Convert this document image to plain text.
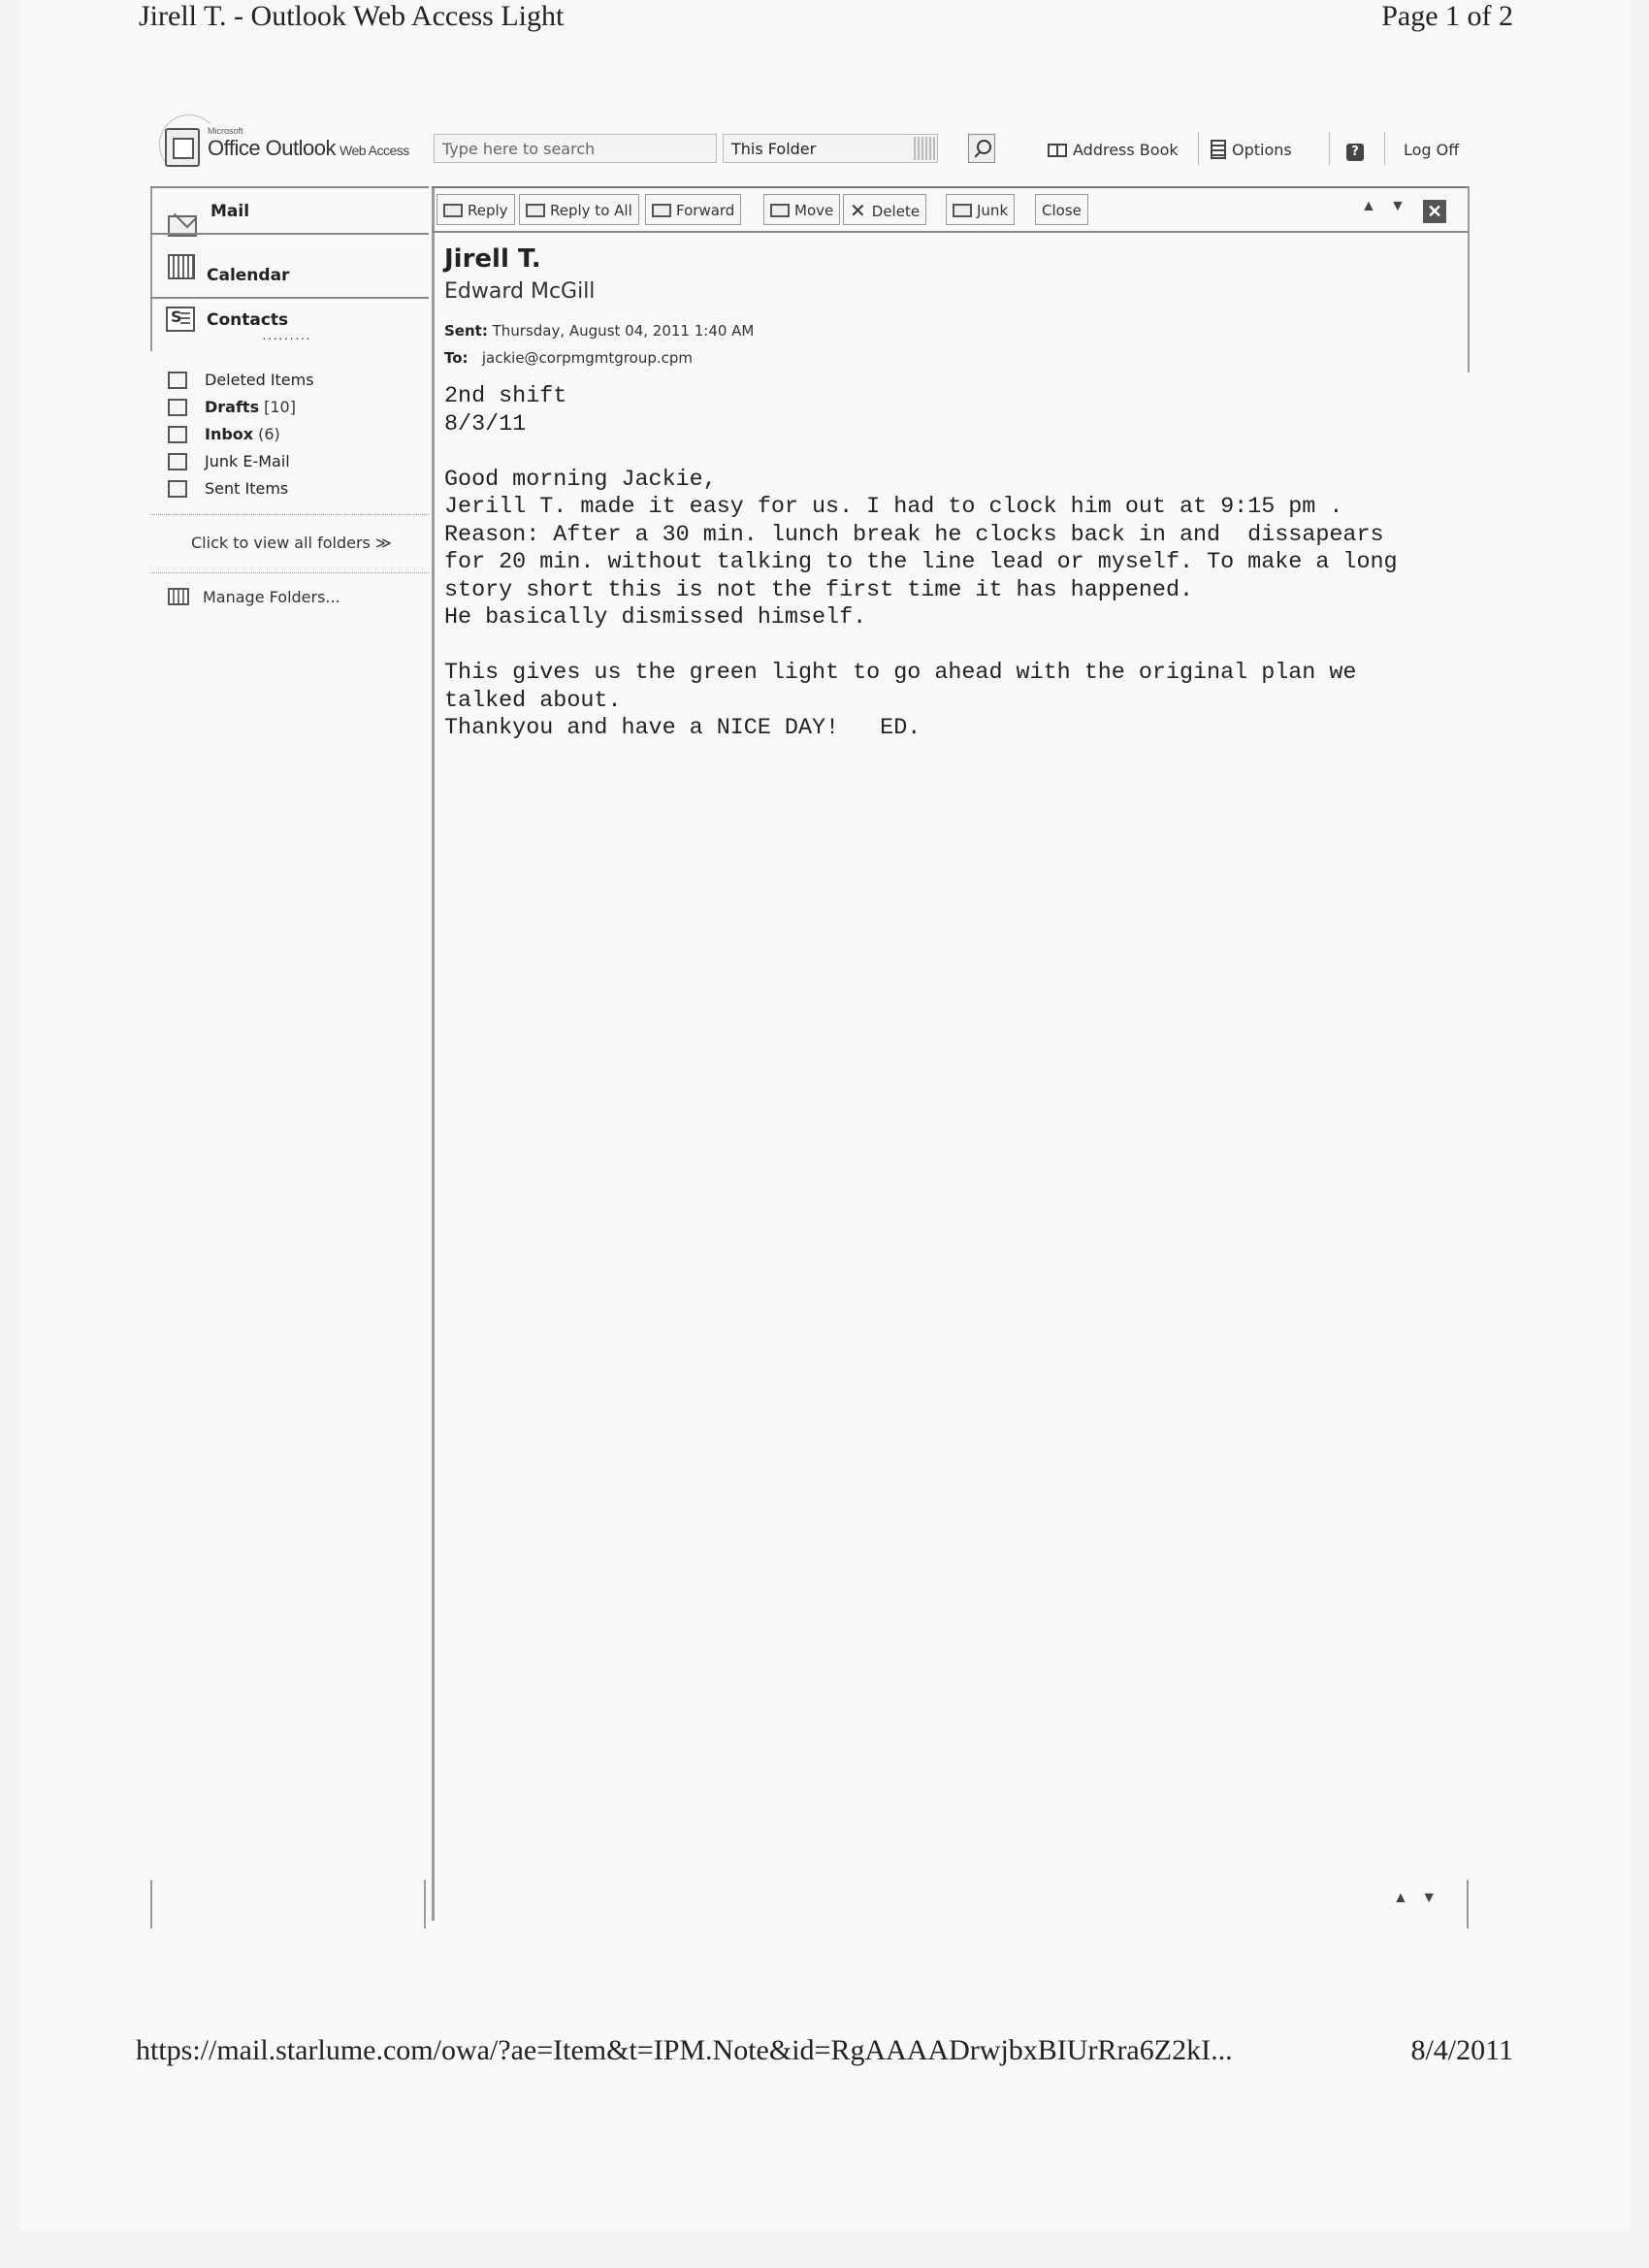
Jirell T. - Outlook Web Access Light	Page 1 of 2
Microsoft
Office Outlook Web Access	Type here to search	This Folder	Address Book	Options	?	Log Off
Mail
Calendar
S
Contacts
·········
Deleted Items
Drafts [10]
Inbox (6)
Junk E-Mail
Sent Items
Click to view all folders ≫
Manage Folders...
Reply	Reply to All	Forward	Move ✕ Delete	Junk	Close	▲ ▼ ✕
Jirell T.
Edward McGill
Sent: Thursday, August 04, 2011 1:40 AM
To: jackie@corpmgmtgroup.cpm
2nd shift
8/3/11

Good morning Jackie,
Jerill T. made it easy for us. I had to clock him out at 9:15 pm .
Reason: After a 30 min. lunch break he clocks back in and  dissapears
for 20 min. without talking to the line lead or myself. To make a long
story short this is not the first time it has happened.
He basically dismissed himself.

This gives us the green light to go ahead with the original plan we
talked about.
Thankyou and have a NICE DAY!   ED.
▲ ▼
https://mail.starlume.com/owa/?ae=Item&t=IPM.Note&id=RgAAAADrwjbxBIUrRra6Z2kI...	8/4/2011
